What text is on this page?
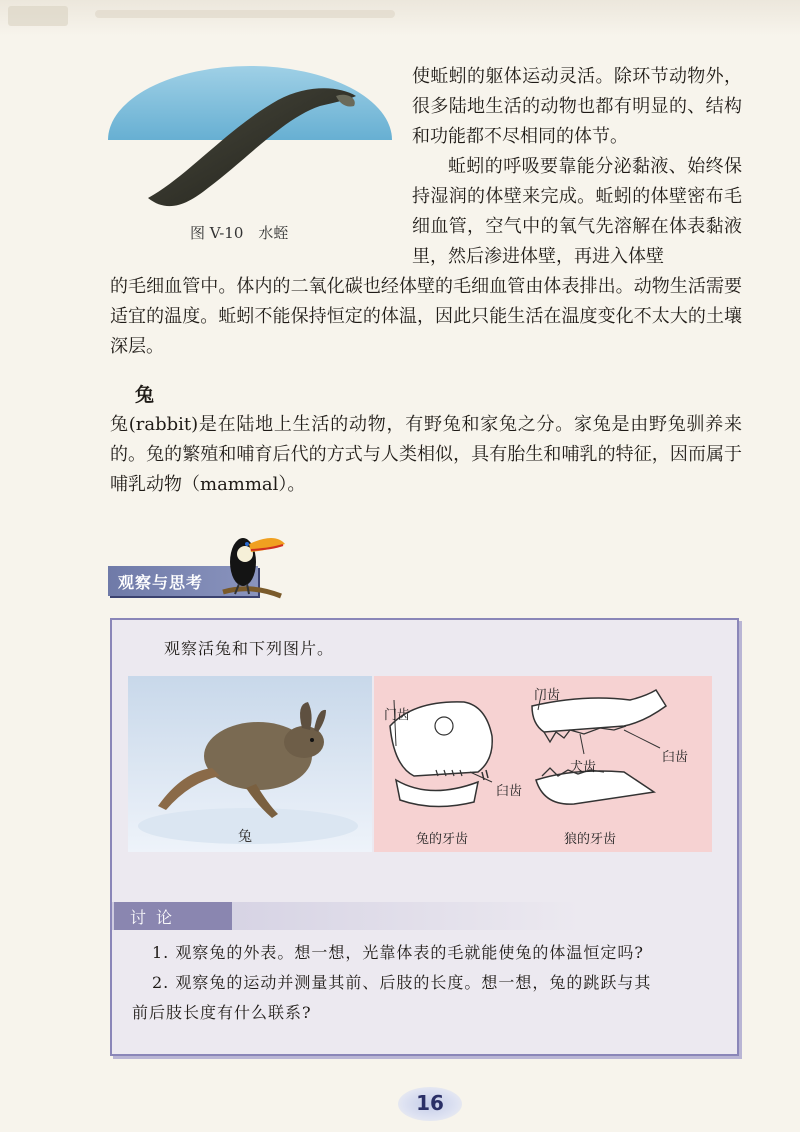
图 V-10　水蛭
使蚯蚓的躯体运动灵活。除环节动物外，很多陆地生活的动物也都有明显的、结构和功能都不尽相同的体节。
蚯蚓的呼吸要靠能分泌黏液、始终保持湿润的体壁来完成。蚯蚓的体壁密布毛细血管，空气中的氧气先溶解在体表黏液里，然后渗进体壁，再进入体壁
的毛细血管中。体内的二氧化碳也经体壁的毛细血管由体表排出。动物生活需要适宜的温度。蚯蚓不能保持恒定的体温，因此只能生活在温度变化不太大的土壤深层。
兔
兔(rabbit)是在陆地上生活的动物，有野兔和家兔之分。家兔是由野兔驯养来的。兔的繁殖和哺育后代的方式与人类相似，具有胎生和哺乳的特征，因而属于哺乳动物（mammal）。
观察与思考
观察活兔和下列图片。
兔
门齿
臼齿
兔的牙齿
门齿
犬齿
臼齿
狼的牙齿
讨论
1. 观察兔的外表。想一想，光靠体表的毛就能使兔的体温恒定吗?
2. 观察兔的运动并测量其前、后肢的长度。想一想，兔的跳跃与其
前后肢长度有什么联系?
16
